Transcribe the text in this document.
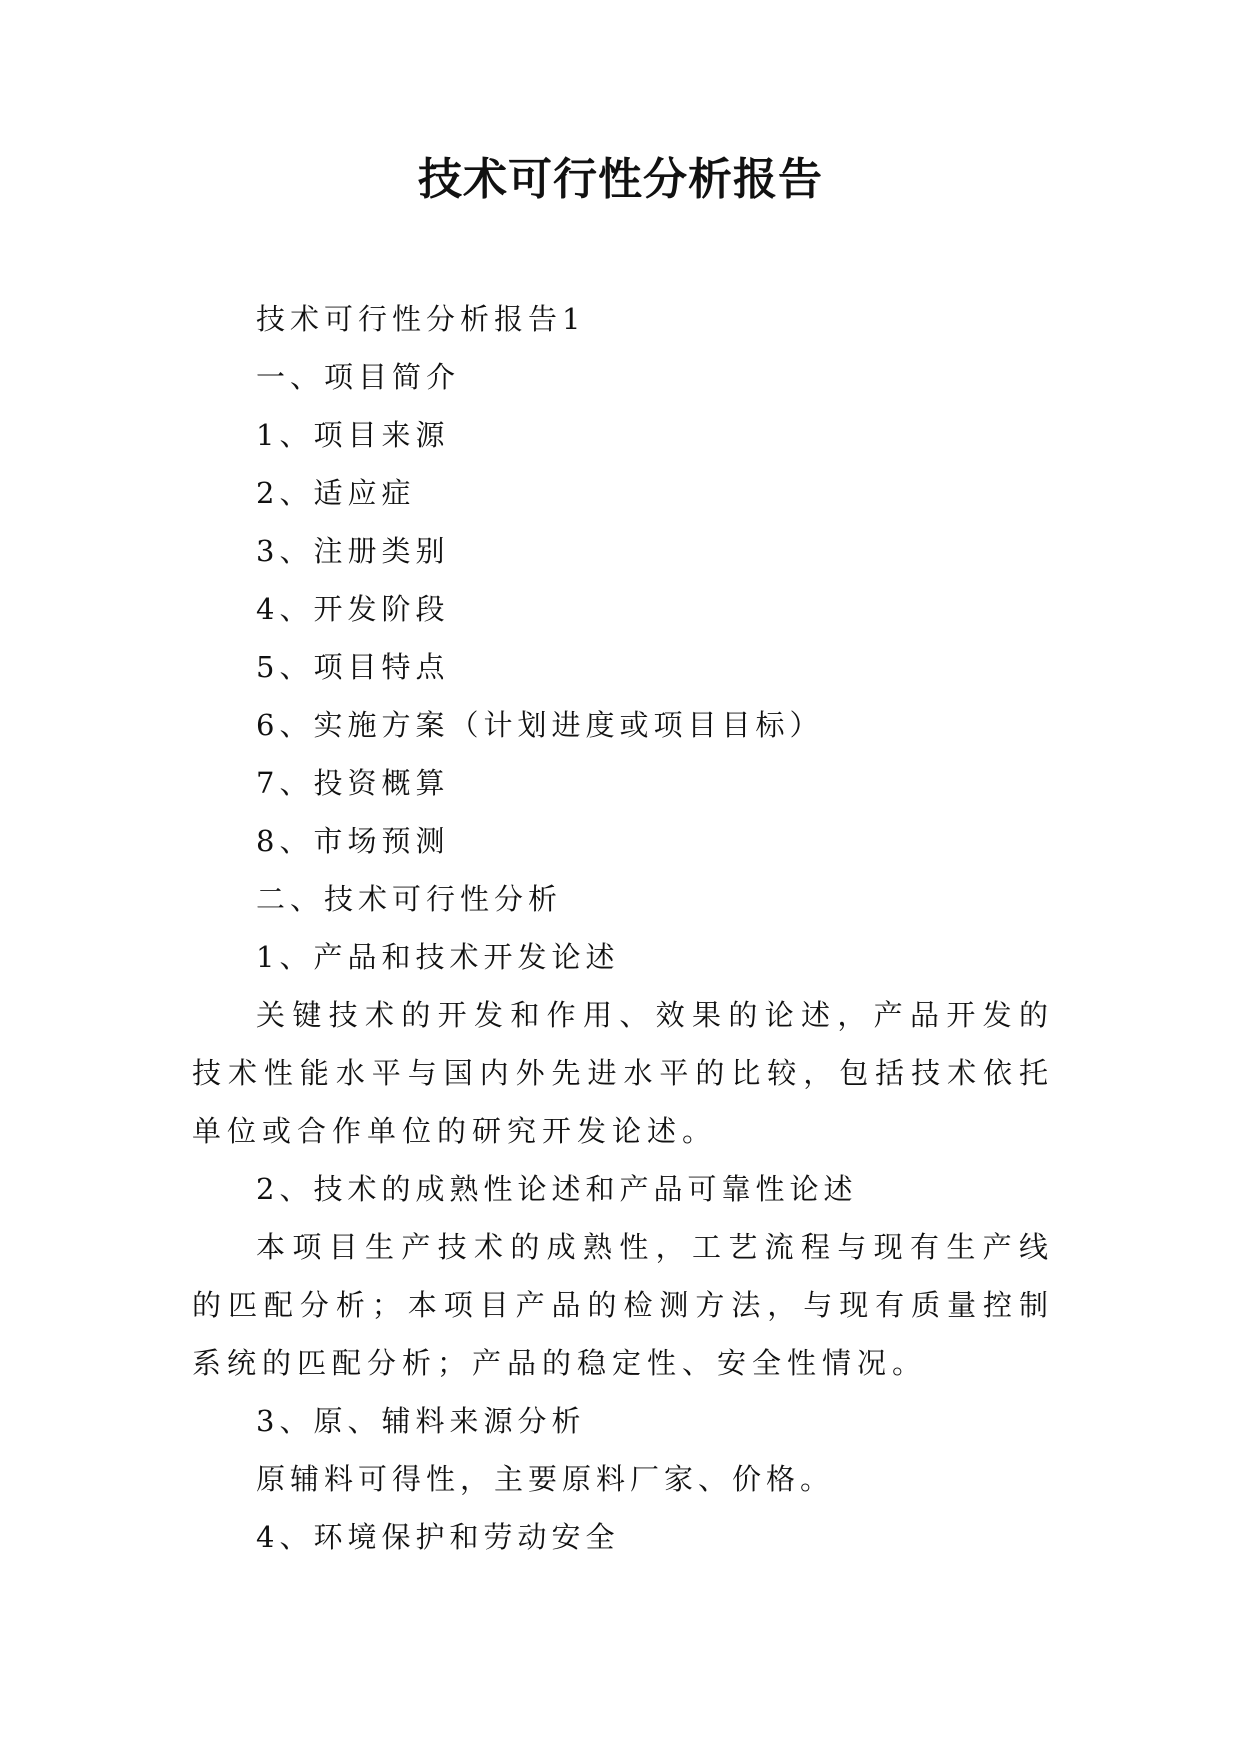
技术可行性分析报告

技术可行性分析报告1

一、项目简介

1、项目来源

2、适应症

3、注册类别

4、开发阶段

5、项目特点

6、实施方案（计划进度或项目目标）

7、投资概算

8、市场预测

二、技术可行性分析

1、产品和技术开发论述

关键技术的开发和作用、效果的论述，产品开发的技术性能水平与国内外先进水平的比较，包括技术依托单位或合作单位的研究开发论述。

2、技术的成熟性论述和产品可靠性论述

本项目生产技术的成熟性，工艺流程与现有生产线的匹配分析；本项目产品的检测方法，与现有质量控制系统的匹配分析；产品的稳定性、安全性情况。

3、原、辅料来源分析

原辅料可得性，主要原料厂家、价格。

4、环境保护和劳动安全
